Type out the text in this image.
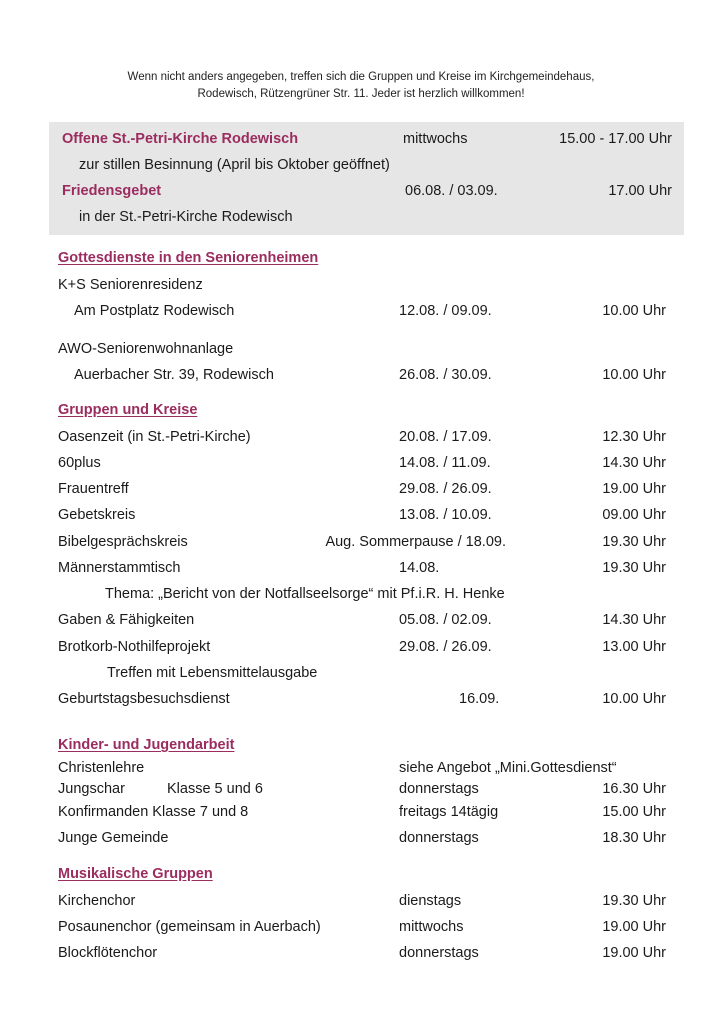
Wenn nicht anders angegeben, treffen sich die Gruppen und Kreise im Kirchgemeindehaus,
Rodewisch, Rützengrüner Str. 11. Jeder ist herzlich willkommen!
Offene St.-Petri-Kirche Rodewisch	mittwochs	15.00 - 17.00 Uhr
zur stillen Besinnung (April bis Oktober geöffnet)
Friedensgebet	06.08. / 03.09.	17.00 Uhr
in der St.-Petri-Kirche Rodewisch
Gottesdienste in den Seniorenheimen
K+S Seniorenresidenz
Am Postplatz Rodewisch	12.08. / 09.09.	10.00 Uhr
AWO-Seniorenwohnanlage
Auerbacher Str. 39, Rodewisch	26.08. / 30.09.	10.00 Uhr
Gruppen und Kreise
Oasenzeit (in St.-Petri-Kirche)	20.08. / 17.09.	12.30 Uhr
60plus	14.08. / 11.09.	14.30 Uhr
Frauentreff	29.08. / 26.09.	19.00 Uhr
Gebetskreis	13.08. / 10.09.	09.00 Uhr
Bibelgesprächskreis	Aug. Sommerpause / 18.09.	19.30 Uhr
Männerstammtisch	14.08.	19.30 Uhr
Thema: „Bericht von der Notfallseelsorge“ mit Pf.i.R. H. Henke
Gaben & Fähigkeiten	05.08. / 02.09.	14.30 Uhr
Brotkorb-Nothilfeprojekt	29.08. / 26.09.	13.00 Uhr
Treffen mit Lebensmittelausgabe
Geburtstagsbesuchsdienst	16.09.	10.00 Uhr
Kinder- und Jugendarbeit
Christenlehre	siehe Angebot „Mini.Gottesdienst“
Jungschar	Klasse 5 und 6	donnerstags	16.30 Uhr
Konfirmanden Klasse 7 und 8	freitags 14tägig	15.00 Uhr
Junge Gemeinde	donnerstags	18.30 Uhr
Musikalische Gruppen
Kirchenchor	dienstags	19.30 Uhr
Posaunenchor (gemeinsam in Auerbach)	mittwochs	19.00 Uhr
Blockflötenchor	donnerstags	19.00 Uhr
